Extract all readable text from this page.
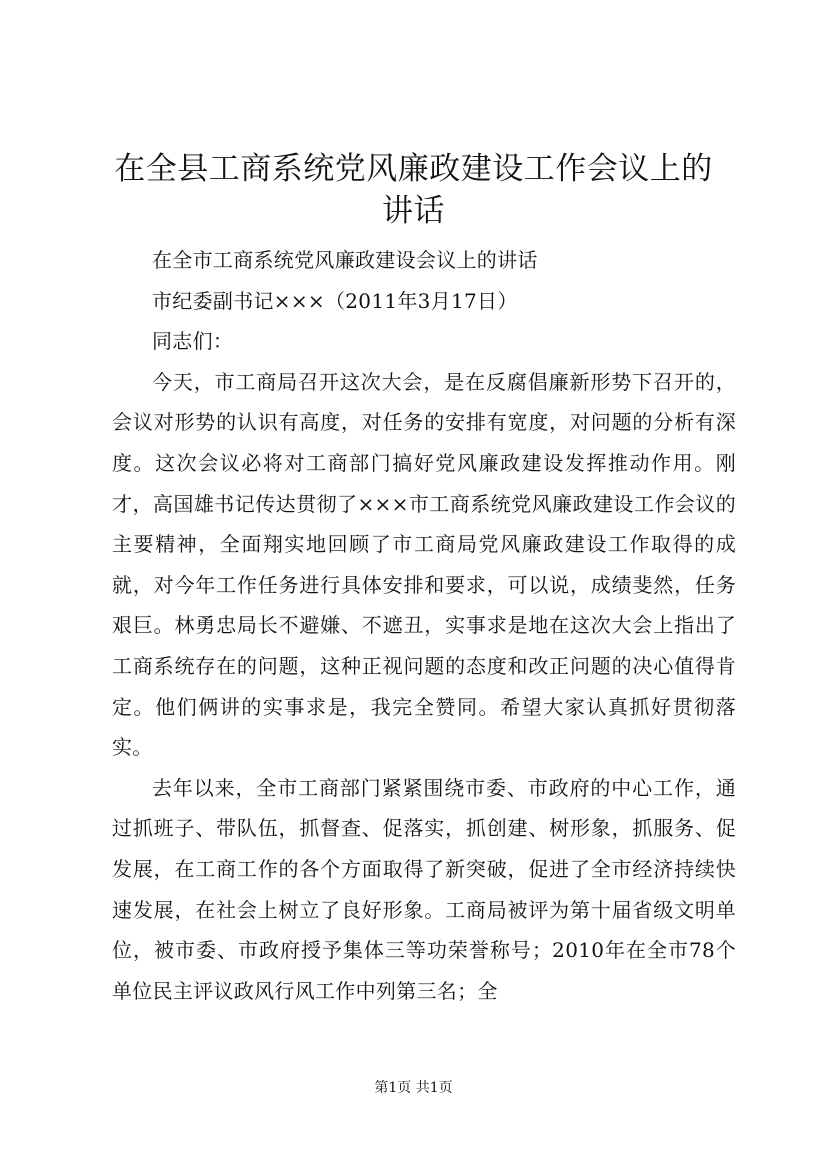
在全县工商系统党风廉政建设工作会议上的讲话

在全市工商系统党风廉政建设会议上的讲话

市纪委副书记×××（2011年3月17日）

同志们：

今天，市工商局召开这次大会，是在反腐倡廉新形势下召开的，会议对形势的认识有高度，对任务的安排有宽度，对问题的分析有深度。这次会议必将对工商部门搞好党风廉政建设发挥推动作用。刚才，高国雄书记传达贯彻了×××市工商系统党风廉政建设工作会议的主要精神，全面翔实地回顾了市工商局党风廉政建设工作取得的成就，对今年工作任务进行具体安排和要求，可以说，成绩斐然，任务艰巨。林勇忠局长不避嫌、不遮丑，实事求是地在这次大会上指出了工商系统存在的问题，这种正视问题的态度和改正问题的决心值得肯定。他们俩讲的实事求是，我完全赞同。希望大家认真抓好贯彻落实。

去年以来，全市工商部门紧紧围绕市委、市政府的中心工作，通过抓班子、带队伍，抓督查、促落实，抓创建、树形象，抓服务、促发展，在工商工作的各个方面取得了新突破，促进了全市经济持续快速发展，在社会上树立了良好形象。工商局被评为第十届省级文明单位，被市委、市政府授予集体三等功荣誉称号；2010年在全市78个单位民主评议政风行风工作中列第三名；全

第1页 共1页
